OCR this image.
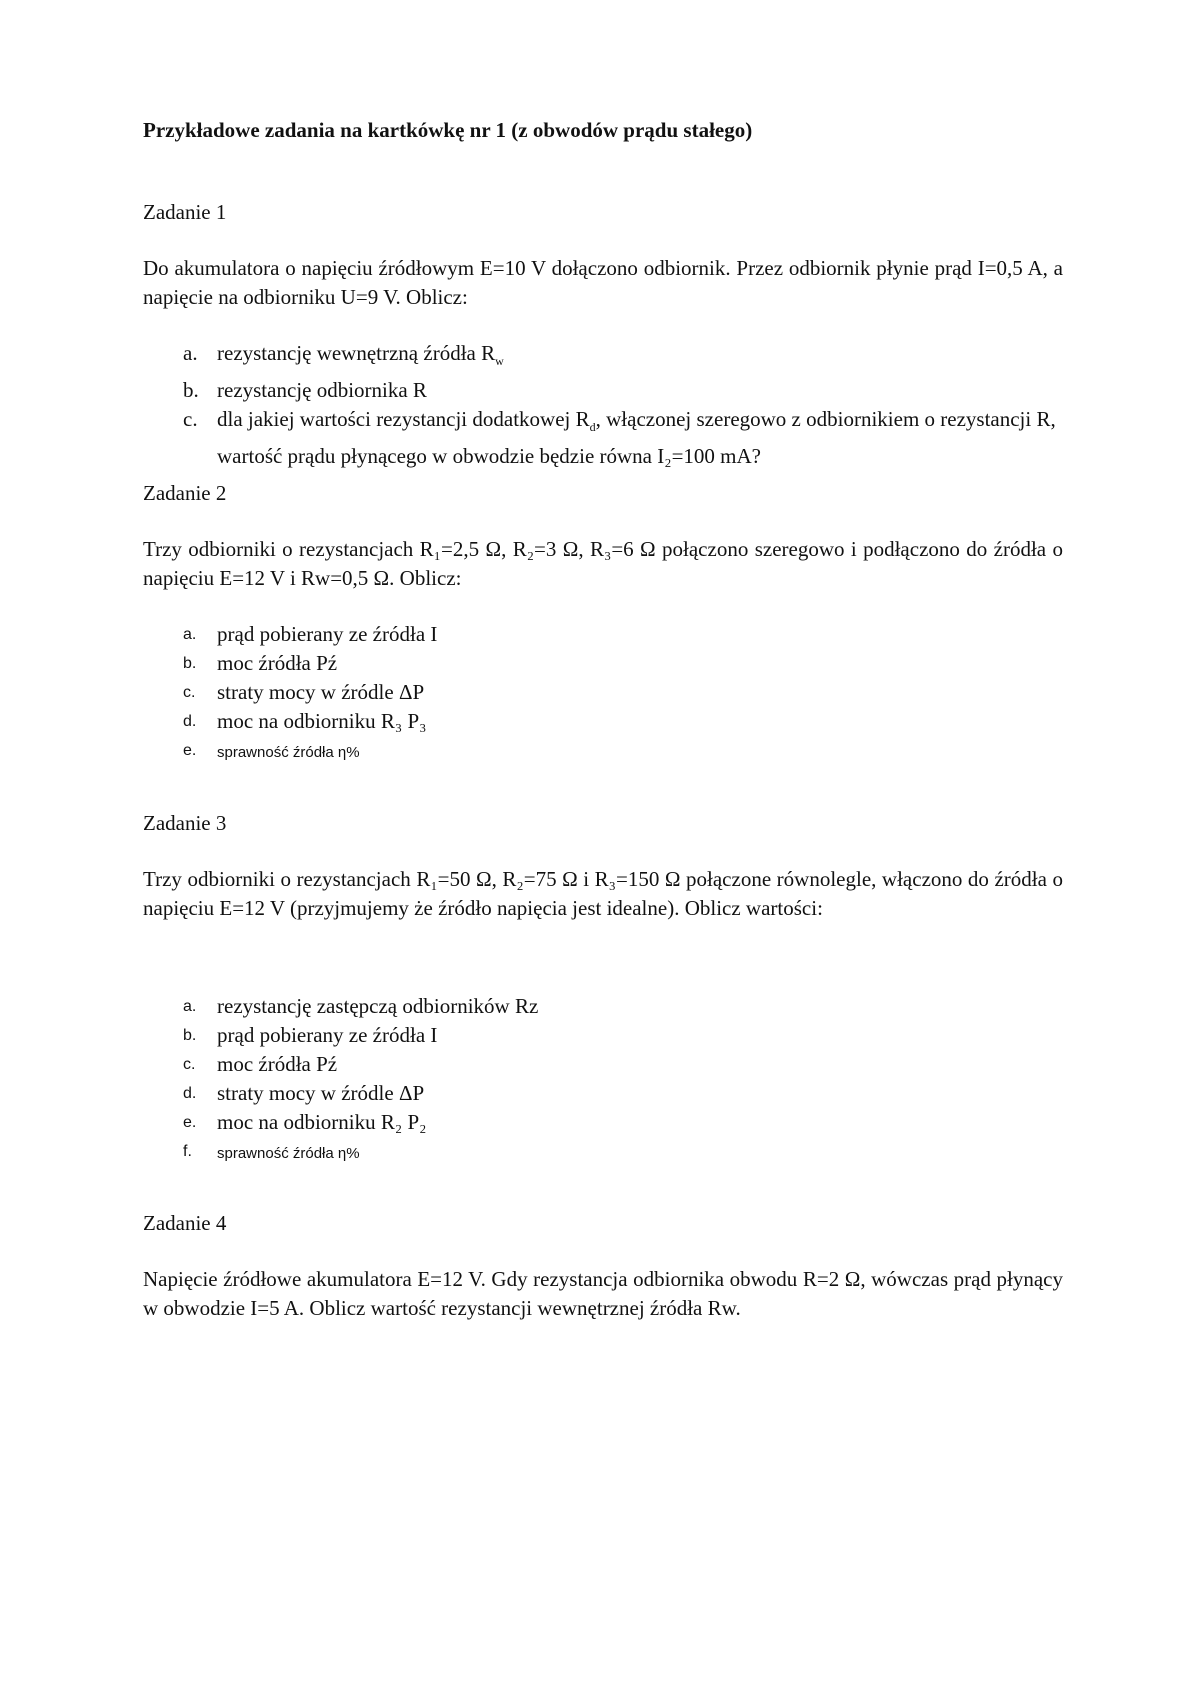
Przykładowe zadania na kartkówkę nr 1 (z obwodów prądu stałego)
Zadanie 1

Do akumulatora o napięciu źródłowym E=10 V dołączono odbiornik. Przez odbiornik płynie prąd I=0,5 A, a napięcie na odbiorniku U=9 V. Oblicz:

a. rezystancję wewnętrzną źródła $R_w$
b. rezystancję odbiornika R
c. dla jakiej wartości rezystancji dodatkowej $R_d$, włączonej szeregowo z odbiornikiem o rezystancji R, wartość prądu płynącego w obwodzie będzie równa I₂=100 mA?
Zadanie 2

Trzy odbiorniki o rezystancjach R₁=2,5 Ω, R₂=3 Ω, R₃=6 Ω połączono szeregowo i podłączono do źródła o napięciu E=12 V i Rw=0,5 Ω. Oblicz:

a. prąd pobierany ze źródła I
b. moc źródła Pź
c. straty mocy w źródle ΔP
d. moc na odbiorniku R₃ P₃
e. sprawność źródła η%
Zadanie 3

Trzy odbiorniki o rezystancjach R₁=50 Ω, R₂=75 Ω i R₃=150 Ω połączone równolegle, włączono do źródła o napięciu E=12 V (przyjmujemy że źródło napięcia jest idealne). Oblicz wartości:

a. rezystancję zastępczą odbiorników Rz
b. prąd pobierany ze źródła I
c. moc źródła Pź
d. straty mocy w źródle ΔP
e. moc na odbiorniku R₂ P₂
f. sprawność źródła η%
Zadanie 4

Napięcie źródłowe akumulatora E=12 V. Gdy rezystancja odbiornika obwodu R=2 Ω, wówczas prąd płynący w obwodzie I=5 A. Oblicz wartość rezystancji wewnętrznej źródła Rw.
